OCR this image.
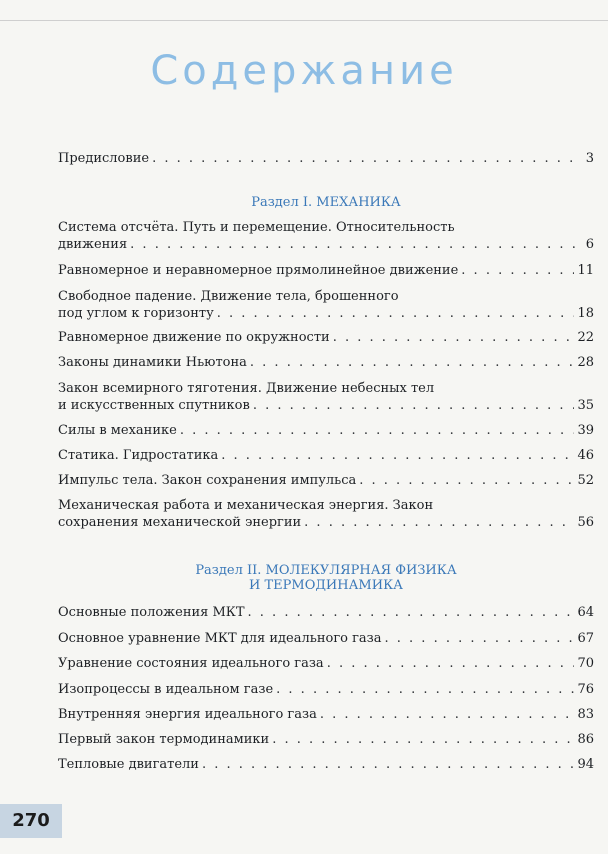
Содержание
Предисловие . . .	3
Раздел I. МЕХАНИКА
Система отсчёта. Путь и перемещение. Относительность
движения . . .	6
Равномерное и неравномерное прямолинейное движение . . .	11
Свободное падение. Движение тела, брошенного
под углом к горизонту . . .	18
Равномерное движение по окружности . . .	22
Законы динамики Ньютона . . .	28
Закон всемирного тяготения. Движение небесных тел
и искусственных спутников . . .	35
Силы в механике . . .	39
Статика. Гидростатика . . .	46
Импульс тела. Закон сохранения импульса . . .	52
Механическая работа и механическая энергия. Закон
сохранения механической энергии . . .	56
Раздел II. МОЛЕКУЛЯРНАЯ ФИЗИКА
И ТЕРМОДИНАМИКА
Основные положения МКТ . . .	64
Основное уравнение МКТ для идеального газа . . .	67
Уравнение состояния идеального газа . . .	70
Изопроцессы в идеальном газе . . .	76
Внутренняя энергия идеального газа . . .	83
Первый закон термодинамики . . .	86
Тепловые двигатели . . .	94
270
